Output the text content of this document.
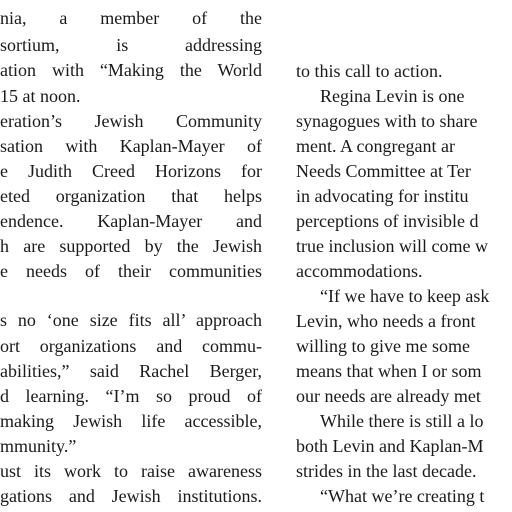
nia, a member of the
sortium, is addressing
ation with “Making the World
15 at noon.
eration’s Jewish Community
sation with Kaplan-Mayer of
e Judith Creed Horizons for
eted organization that helps
endence. Kaplan-Mayer and
h are supported by the Jewish
e needs of their communities
s no ‘one size fits all’ approach
ort organizations and commu-
abilities,” said Rachel Berger,
d learning. “I’m so proud of
making Jewish life accessible,
mmunity.”
ust its work to raise awareness
gations and Jewish institutions.
to this call to action.
Regina Levin is one
synagogues with to share
ment. A congregant ar
Needs Committee at Ter
in advocating for institu
perceptions of invisible d
true inclusion will come w
accommodations.
“If we have to keep ask
Levin, who needs a front
willing to give me some
means that when I or som
our needs are already met
While there is still a lo
both Levin and Kaplan-M
strides in the last decade.
“What we’re creating t
